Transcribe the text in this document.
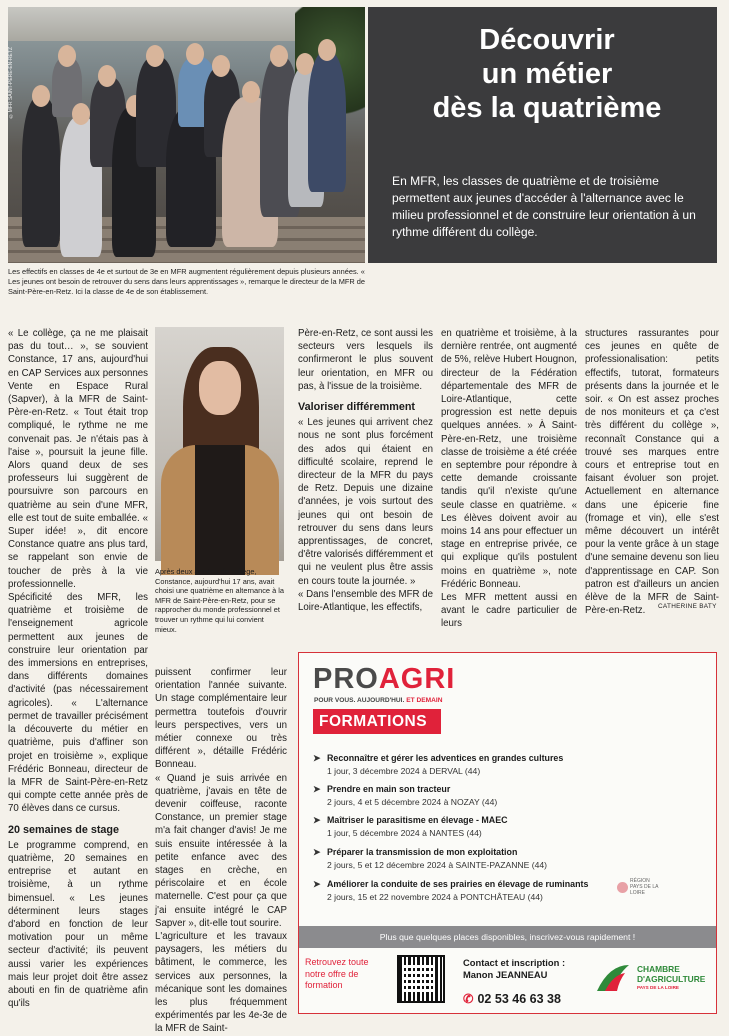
©MFR SAINT-PÈRE-EN-RETZ
Découvrir
un métier
dès la quatrième

En MFR, les classes de quatrième et de troisième permettent aux jeunes d'accéder à l'alternance avec le milieu professionnel et de construire leur orientation à un rythme différent du collège.

Les effectifs en classes de 4e et surtout de 3e en MFR augmentent régulièrement depuis plusieurs années. « Les jeunes ont besoin de retrouver du sens dans leurs apprentissages », remarque le directeur de la MFR de Saint-Père-en-Retz. Ici la classe de 4e de son établissement.

« Le collège, ça ne me plaisait pas du tout… », se souvient Constance, 17 ans, aujourd'hui en CAP Services aux personnes Vente en Espace Rural (Sapver), à la MFR de Saint-Père-en-Retz. « Tout était trop compliqué, le rythme ne me convenait pas. Je n'étais pas à l'aise », poursuit la jeune fille. Alors quand deux de ses professeurs lui suggèrent de poursuivre son parcours en quatrième au sein d'une MFR, elle est tout de suite emballée. « Super idée! », dit encore Constance quatre ans plus tard, se rappelant son envie de toucher de près à la vie professionnelle.

Spécificité des MFR, les quatrième et troisième de l'enseignement agricole permettent aux jeunes de construire leur orientation par des immersions en entreprises, dans différents domaines d'activité (pas nécessairement agricoles). « L'alternance permet de travailler précisément la découverte du métier en quatrième, puis d'affiner son projet en troisième », explique Frédéric Bonneau, directeur de la MFR de Saint-Père-en-Retz qui compte cette année près de 70 élèves dans ce cursus.

20 semaines de stage

Le programme comprend, en quatrième, 20 semaines en entreprise et autant en troisième, à un rythme bimensuel. « Les jeunes déterminent leurs stages d'abord en fonction de leur motivation pour un même secteur d'activité; ils peuvent aussi varier les expériences mais leur projet doit être assez abouti en fin de quatrième afin qu'ils

Après deux années de collège, Constance, aujourd'hui 17 ans, avait choisi une quatrième en alternance à la MFR de Saint-Père-en-Retz, pour se rapprocher du monde professionnel et trouver un rythme qui lui convient mieux.

puissent confirmer leur orientation l'année suivante. Un stage complémentaire leur permettra toutefois d'ouvrir leurs perspectives, vers un métier connexe ou très différent », détaille Frédéric Bonneau.

« Quand je suis arrivée en quatrième, j'avais en tête de devenir coiffeuse, raconte Constance, un premier stage m'a fait changer d'avis! Je me suis ensuite intéressée à la petite enfance avec des stages en crèche, en périscolaire et en école maternelle. C'est pour ça que j'ai ensuite intégré le CAP Sapver », dit-elle tout sourire.

L'agriculture et les travaux paysagers, les métiers du bâtiment, le commerce, les services aux personnes, la mécanique sont les domaines les plus fréquemment expérimentés par les 4e-3e de la MFR de Saint-

Père-en-Retz, ce sont aussi les secteurs vers lesquels ils confirmeront le plus souvent leur orientation, en MFR ou pas, à l'issue de la troisième.

Valoriser différemment

« Les jeunes qui arrivent chez nous ne sont plus forcément des ados qui étaient en difficulté scolaire, reprend le directeur de la MFR du pays de Retz. Depuis une dizaine d'années, je vois surtout des jeunes qui ont besoin de retrouver du sens dans leurs apprentissages, de concret, d'être valorisés différemment et qui ne veulent plus être assis en cours toute la journée. »

« Dans l'ensemble des MFR de Loire-Atlantique, les effectifs,

en quatrième et troisième, à la dernière rentrée, ont augmenté de 5%, relève Hubert Hougnon, directeur de la Fédération départementale des MFR de Loire-Atlantique, cette progression est nette depuis quelques années. » À Saint-Père-en-Retz, une troisième classe de troisième a été créée en septembre pour répondre à cette demande croissante tandis qu'il n'existe qu'une seule classe en quatrième. « Les élèves doivent avoir au moins 14 ans pour effectuer un stage en entreprise privée, ce qui explique qu'ils postulent moins en quatrième », note Frédéric Bonneau.

Les MFR mettent aussi en avant le cadre particulier de leurs

structures rassurantes pour ces jeunes en quête de professionalisation: petits effectifs, tutorat, formateurs présents dans la journée et le soir. « On est assez proches de nos moniteurs et ça c'est très différent du collège », reconnaît Constance qui a trouvé ses marques entre cours et entreprise tout en faisant évoluer son projet. Actuellement en alternance dans une épicerie fine (fromage et vin), elle s'est même découvert un intérêt pour la vente grâce à un stage d'une semaine devenu son lieu d'apprentissage en CAP. Son patron est d'ailleurs un ancien élève de la MFR de Saint-Père-en-Retz.	CATHERINE BATY
PROAGRI
POUR VOUS. AUJOURD'HUI. ET DEMAIN
FORMATIONS
➤ Reconnaître et gérer les adventices en grandes cultures
1 jour, 3 décembre 2024 à DERVAL (44)
➤ Prendre en main son tracteur
2 jours, 4 et 5 décembre 2024 à NOZAY (44)
➤ Maîtriser le parasitisme en élevage - MAEC
1 jour, 5 décembre 2024 à NANTES (44)
➤ Préparer la transmission de mon exploitation
2 jours, 5 et 12 décembre 2024 à SAINTE-PAZANNE (44)
➤ Améliorer la conduite de ses prairies en élevage de ruminants
2 jours, 15 et 22 novembre 2024 à PONTCHÂTEAU (44)
RÉGION PAYS DE LA LOIRE
Plus que quelques places disponibles, inscrivez-vous rapidement !
Retrouvez toute notre offre de formation
Contact et inscription :
Manon JEANNEAU
✆ 02 53 46 63 38
CHAMBRE
D'AGRICULTURE
PAYS DE LA LOIRE
